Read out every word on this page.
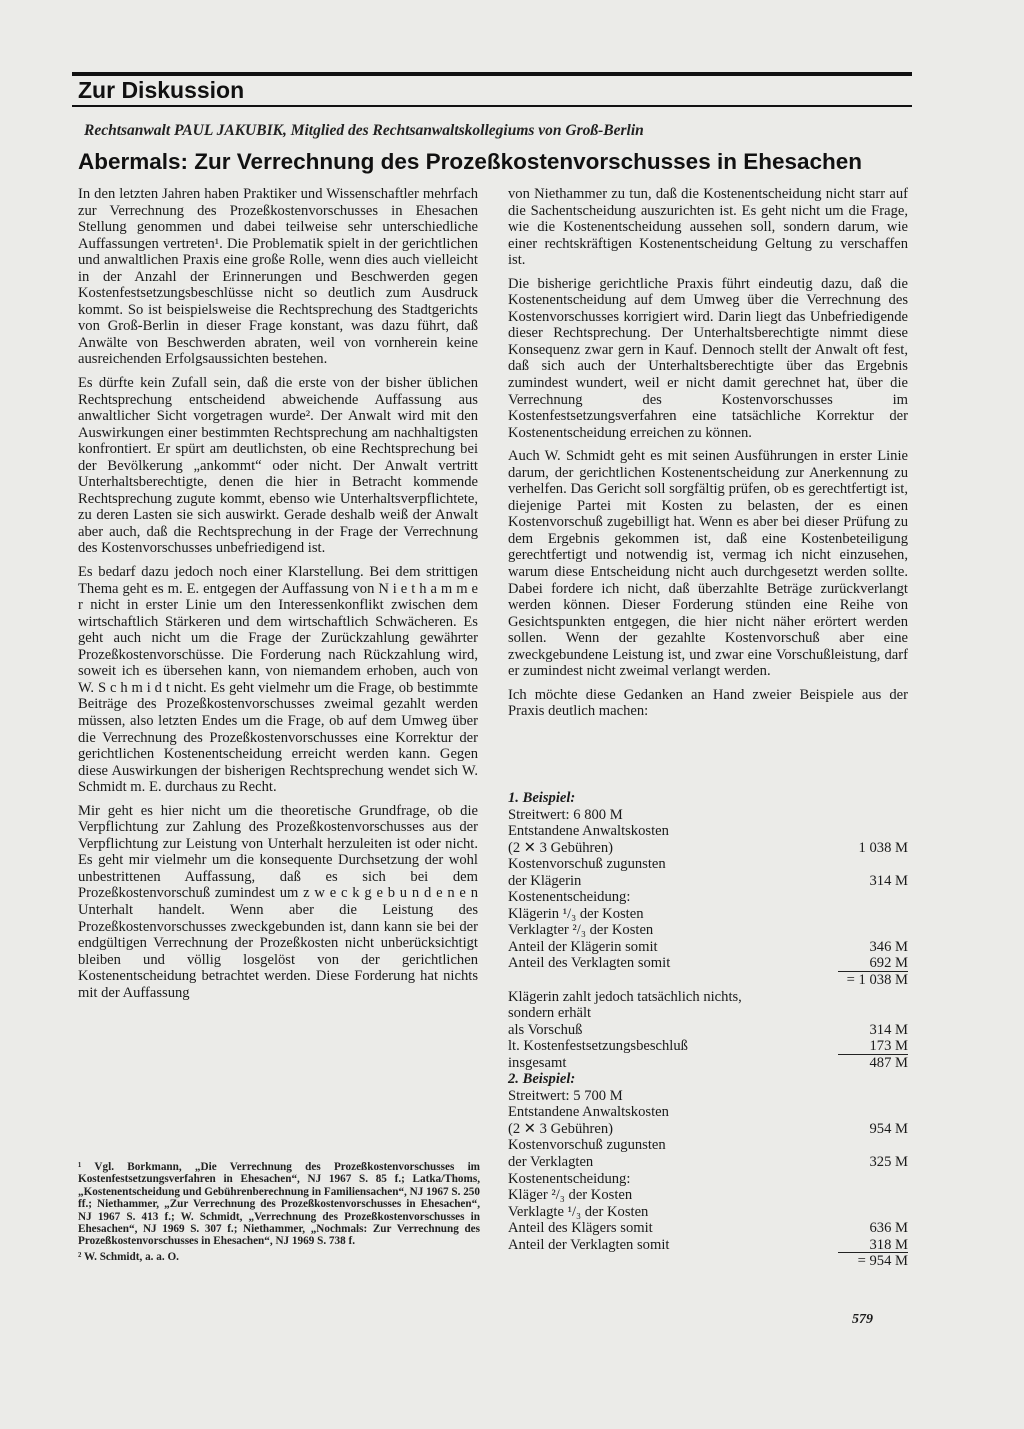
Zur Diskussion
Rechtsanwalt PAUL JAKUBIK, Mitglied des Rechtsanwaltskollegiums von Groß-Berlin
Abermals: Zur Verrechnung des Prozeßkostenvorschusses in Ehesachen

In den letzten Jahren haben Praktiker und Wissenschaftler mehrfach zur Verrechnung des Prozeßkostenvorschusses in Ehesachen Stellung genommen und dabei teilweise sehr unterschiedliche Auffassungen vertreten¹. Die Problematik spielt in der gerichtlichen und anwaltlichen Praxis eine große Rolle, wenn dies auch vielleicht in der Anzahl der Erinnerungen und Beschwerden gegen Kostenfestsetzungsbeschlüsse nicht so deutlich zum Ausdruck kommt. So ist beispielsweise die Rechtsprechung des Stadtgerichts von Groß-Berlin in dieser Frage konstant, was dazu führt, daß Anwälte von Beschwerden abraten, weil von vornherein keine ausreichenden Erfolgsaussichten bestehen.

Es dürfte kein Zufall sein, daß die erste von der bisher üblichen Rechtsprechung entscheidend abweichende Auffassung aus anwaltlicher Sicht vorgetragen wurde². Der Anwalt wird mit den Auswirkungen einer bestimmten Rechtsprechung am nachhaltigsten konfrontiert. Er spürt am deutlichsten, ob eine Rechtsprechung bei der Bevölkerung „ankommt“ oder nicht. Der Anwalt vertritt Unterhaltsberechtigte, denen die hier in Betracht kommende Rechtsprechung zugute kommt, ebenso wie Unterhaltsverpflichtete, zu deren Lasten sie sich auswirkt. Gerade deshalb weiß der Anwalt aber auch, daß die Rechtsprechung in der Frage der Verrechnung des Kostenvorschusses unbefriedigend ist.

Es bedarf dazu jedoch noch einer Klarstellung. Bei dem strittigen Thema geht es m. E. entgegen der Auffassung von N i e t h a m m e r nicht in erster Linie um den Interessenkonflikt zwischen dem wirtschaftlich Stärkeren und dem wirtschaftlich Schwächeren. Es geht auch nicht um die Frage der Zurückzahlung gewährter Prozeßkostenvorschüsse. Die Forderung nach Rückzahlung wird, soweit ich es übersehen kann, von niemandem erhoben, auch von W. S c h m i d t nicht. Es geht vielmehr um die Frage, ob bestimmte Beiträge des Prozeßkostenvorschusses zweimal gezahlt werden müssen, also letzten Endes um die Frage, ob auf dem Umweg über die Verrechnung des Prozeßkostenvorschusses eine Korrektur der gerichtlichen Kostenentscheidung erreicht werden kann. Gegen diese Auswirkungen der bisherigen Rechtsprechung wendet sich W. Schmidt m. E. durchaus zu Recht.

Mir geht es hier nicht um die theoretische Grundfrage, ob die Verpflichtung zur Zahlung des Prozeßkostenvorschusses aus der Verpflichtung zur Leistung von Unterhalt herzuleiten ist oder nicht. Es geht mir vielmehr um die konsequente Durchsetzung der wohl unbestrittenen Auffassung, daß es sich bei dem Prozeßkostenvorschuß zumindest um z w e c k g e b u n d e n e n Unterhalt handelt. Wenn aber die Leistung des Prozeßkostenvorschusses zweckgebunden ist, dann kann sie bei der endgültigen Verrechnung der Prozeßkosten nicht unberücksichtigt bleiben und völlig losgelöst von der gerichtlichen Kostenentscheidung betrachtet werden. Diese Forderung hat nichts mit der Auffassung

¹ Vgl. Borkmann, „Die Verrechnung des Prozeßkostenvorschusses im Kostenfestsetzungsverfahren in Ehesachen“, NJ 1967 S. 85 f.; Latka/Thoms, „Kostenentscheidung und Gebührenberechnung in Familiensachen“, NJ 1967 S. 250 ff.; Niethammer, „Zur Verrechnung des Prozeßkostenvorschusses in Ehesachen“, NJ 1967 S. 413 f.; W. Schmidt, „Verrechnung des Prozeßkostenvorschusses in Ehesachen“, NJ 1969 S. 307 f.; Niethammer, „Nochmals: Zur Verrechnung des Prozeßkostenvorschusses in Ehesachen“, NJ 1969 S. 738 f.

² W. Schmidt, a. a. O.

von Niethammer zu tun, daß die Kostenentscheidung nicht starr auf die Sachentscheidung auszurichten ist. Es geht nicht um die Frage, wie die Kostenentscheidung aussehen soll, sondern darum, wie einer rechtskräftigen Kostenentscheidung Geltung zu verschaffen ist.

Die bisherige gerichtliche Praxis führt eindeutig dazu, daß die Kostenentscheidung auf dem Umweg über die Verrechnung des Kostenvorschusses korrigiert wird. Darin liegt das Unbefriedigende dieser Rechtsprechung. Der Unterhaltsberechtigte nimmt diese Konsequenz zwar gern in Kauf. Dennoch stellt der Anwalt oft fest, daß sich auch der Unterhaltsberechtigte über das Ergebnis zumindest wundert, weil er nicht damit gerechnet hat, über die Verrechnung des Kostenvorschusses im Kostenfestsetzungsverfahren eine tatsächliche Korrektur der Kostenentscheidung erreichen zu können.

Auch W. Schmidt geht es mit seinen Ausführungen in erster Linie darum, der gerichtlichen Kostenentscheidung zur Anerkennung zu verhelfen. Das Gericht soll sorgfältig prüfen, ob es gerechtfertigt ist, diejenige Partei mit Kosten zu belasten, der es einen Kostenvorschuß zugebilligt hat. Wenn es aber bei dieser Prüfung zu dem Ergebnis gekommen ist, daß eine Kostenbeteiligung gerechtfertigt und notwendig ist, vermag ich nicht einzusehen, warum diese Entscheidung nicht auch durchgesetzt werden sollte. Dabei fordere ich nicht, daß überzahlte Beträge zurückverlangt werden können. Dieser Forderung stünden eine Reihe von Gesichtspunkten entgegen, die hier nicht näher erörtert werden sollen. Wenn der gezahlte Kostenvorschuß aber eine zweckgebundene Leistung ist, und zwar eine Vorschußleistung, darf er zumindest nicht zweimal verlangt werden.

Ich möchte diese Gedanken an Hand zweier Beispiele aus der Praxis deutlich machen:

1. Beispiel:
Streitwert: 6 800 M
Entstandene Anwaltskosten
(2 ✕ 3 Gebühren)	1 038 M
Kostenvorschuß zugunsten
der Klägerin	314 M
Kostenentscheidung:
Klägerin ¹/₃ der Kosten
Verklagter ²/₃ der Kosten
Anteil der Klägerin somit	346 M
Anteil des Verklagten somit	692 M
= 1 038 M
Klägerin zahlt jedoch tatsächlich nichts,
sondern erhält
als Vorschuß	314 M
lt. Kostenfestsetzungsbeschluß	173 M
insgesamt	487 M
2. Beispiel:
Streitwert: 5 700 M
Entstandene Anwaltskosten
(2 ✕ 3 Gebühren)	954 M
Kostenvorschuß zugunsten
der Verklagten	325 M
Kostenentscheidung:
Kläger ²/₃ der Kosten
Verklagte ¹/₃ der Kosten
Anteil des Klägers somit	636 M
Anteil der Verklagten somit	318 M
= 954 M
579
